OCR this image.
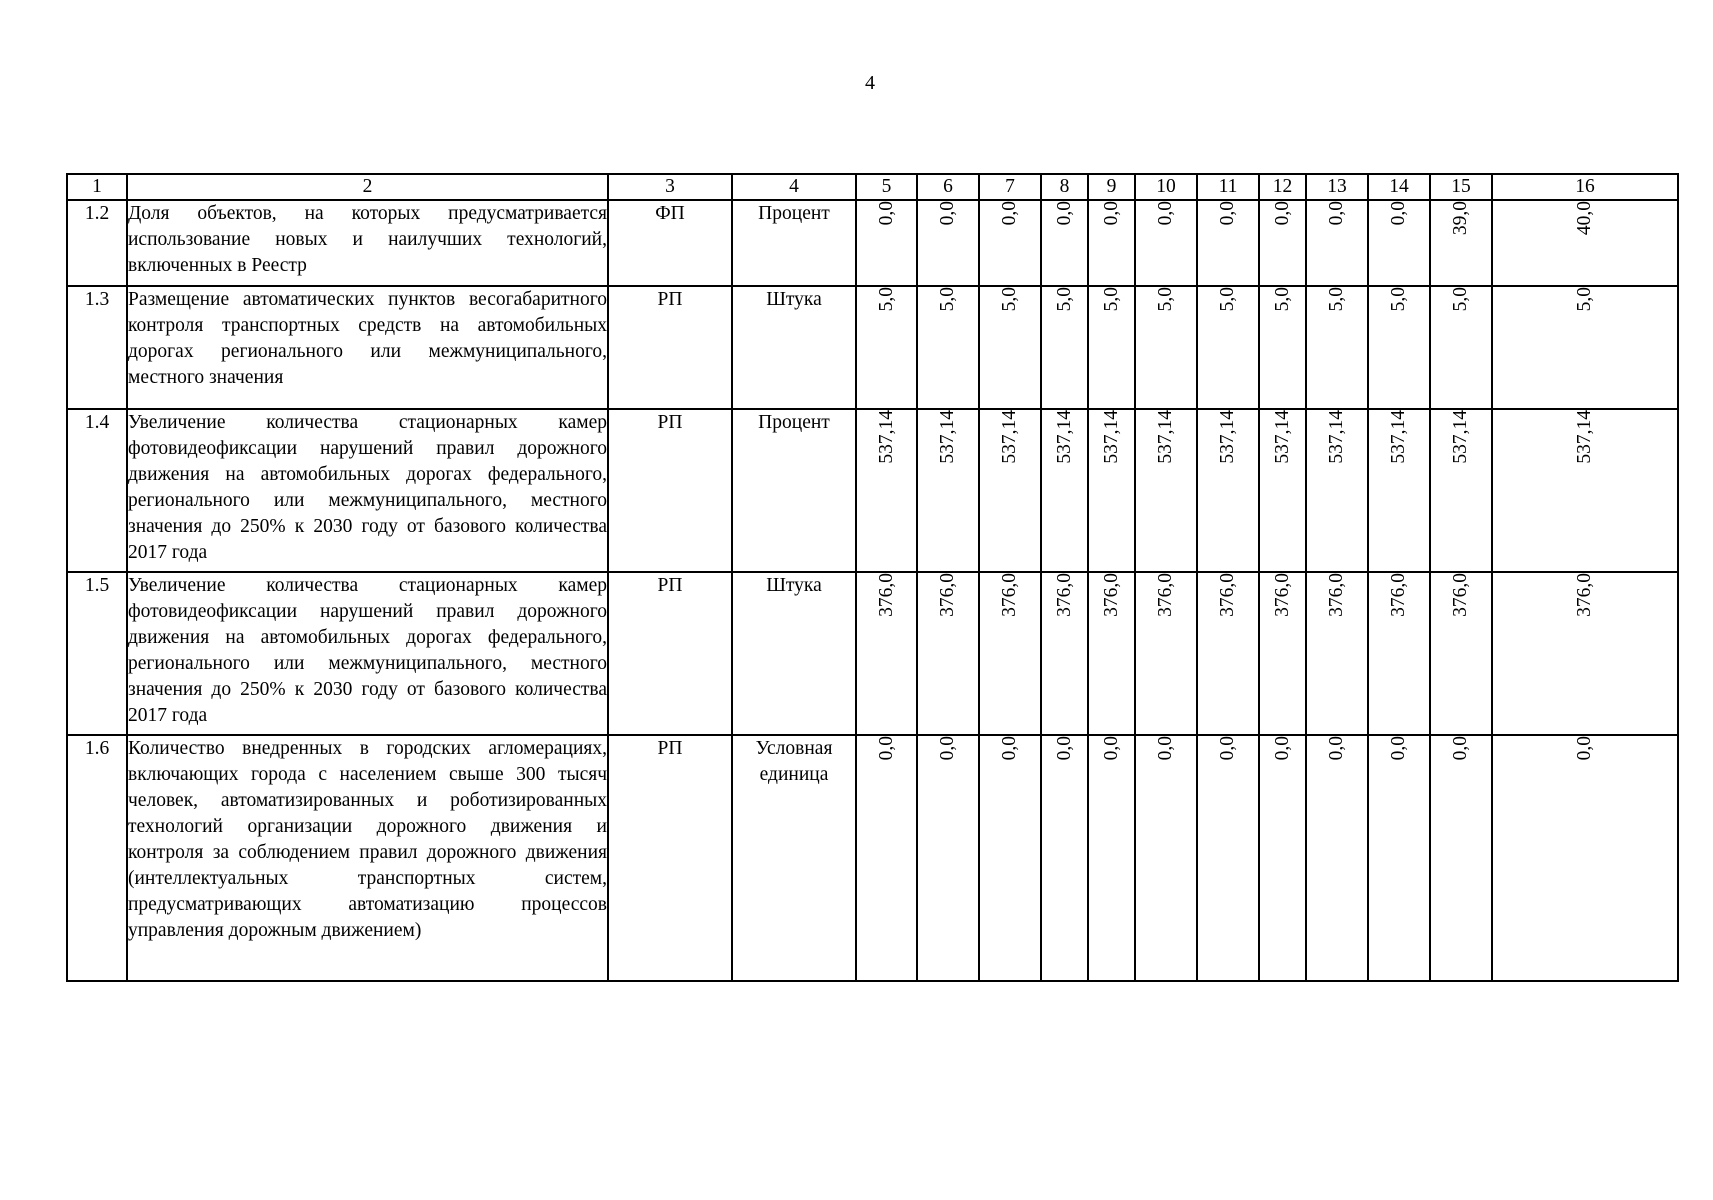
4
1	2	3	4	5	6	7	8	9	10	11	12	13	14	15	16
1.2	Доля объектов, на которых предусматривается использование новых и наилучших технологий, включенных в Реестр	ФП	Процент	0,0	0,0	0,0	0,0	0,0	0,0	0,0	0,0	0,0	0,0	39,0	40,0

1.3	Размещение автоматических пунктов весогабаритного контроля транспортных средств на автомобильных дорогах регионального или межмуниципального, местного значения	РП	Штука	5,0	5,0	5,0	5,0	5,0	5,0	5,0	5,0	5,0	5,0	5,0	5,0

1.4	Увеличение количества стационарных камер фотовидеофиксации нарушений правил дорожного движения на автомобильных дорогах федерального, регионального или межмуниципального, местного значения до 250% к 2030 году от базового количества 2017 года	РП	Процент	537,14	537,14	537,14	537,14	537,14	537,14	537,14	537,14	537,14	537,14	537,14	537,14

1.5	Увеличение количества стационарных камер фотовидеофиксации нарушений правил дорожного движения на автомобильных дорогах федерального, регионального или межмуниципального, местного значения до 250% к 2030 году от базового количества 2017 года	РП	Штука	376,0	376,0	376,0	376,0	376,0	376,0	376,0	376,0	376,0	376,0	376,0	376,0

1.6	Количество внедренных в городских агломерациях, включающих города с населением свыше 300 тысяч человек, автоматизированных и роботизированных технологий организации дорожного движения и контроля за соблюдением правил дорожного движения (интеллектуальных транспортных систем, предусматривающих автоматизацию процессов управления дорожным движением)	РП	Условная единица	0,0	0,0	0,0	0,0	0,0	0,0	0,0	0,0	0,0	0,0	0,0	0,0
